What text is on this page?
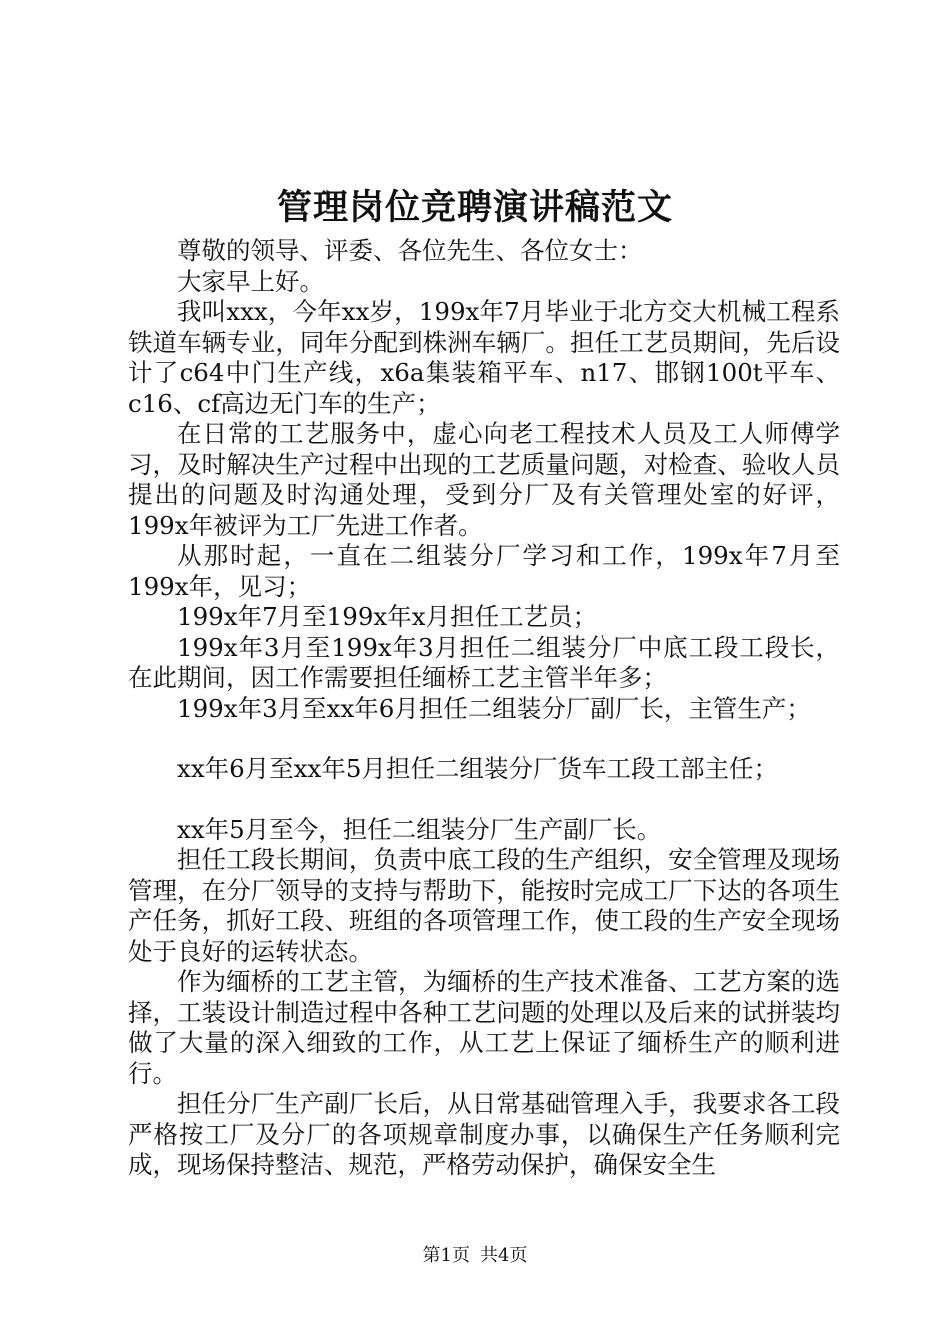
管理岗位竞聘演讲稿范文

尊敬的领导、评委、各位先生、各位女士：

大家早上好。

我叫xxx，今年xx岁，199x年7月毕业于北方交大机械工程系铁道车辆专业，同年分配到株洲车辆厂。担任工艺员期间，先后设计了c64中门生产线，x6a集装箱平车、n17、邯钢100t平车、c16、cf高边无门车的生产；

在日常的工艺服务中，虚心向老工程技术人员及工人师傅学习，及时解决生产过程中出现的工艺质量问题，对检查、验收人员提出的问题及时沟通处理，受到分厂及有关管理处室的好评，199x年被评为工厂先进工作者。

从那时起，一直在二组装分厂学习和工作，199x年7月至199x年，见习；

199x年7月至199x年x月担任工艺员；

199x年3月至199x年3月担任二组装分厂中底工段工段长，在此期间，因工作需要担任缅桥工艺主管半年多；

199x年3月至xx年6月担任二组装分厂副厂长，主管生产；

xx年6月至xx年5月担任二组装分厂货车工段工部主任；

xx年5月至今，担任二组装分厂生产副厂长。

担任工段长期间，负责中底工段的生产组织，安全管理及现场管理，在分厂领导的支持与帮助下，能按时完成工厂下达的各项生产任务，抓好工段、班组的各项管理工作，使工段的生产安全现场处于良好的运转状态。

作为缅桥的工艺主管，为缅桥的生产技术准备、工艺方案的选择，工装设计制造过程中各种工艺问题的处理以及后来的试拼装均做了大量的深入细致的工作，从工艺上保证了缅桥生产的顺利进行。

担任分厂生产副厂长后，从日常基础管理入手，我要求各工段严格按工厂及分厂的各项规章制度办事，以确保生产任务顺利完成，现场保持整洁、规范，严格劳动保护，确保安全生

第1页 共4页
